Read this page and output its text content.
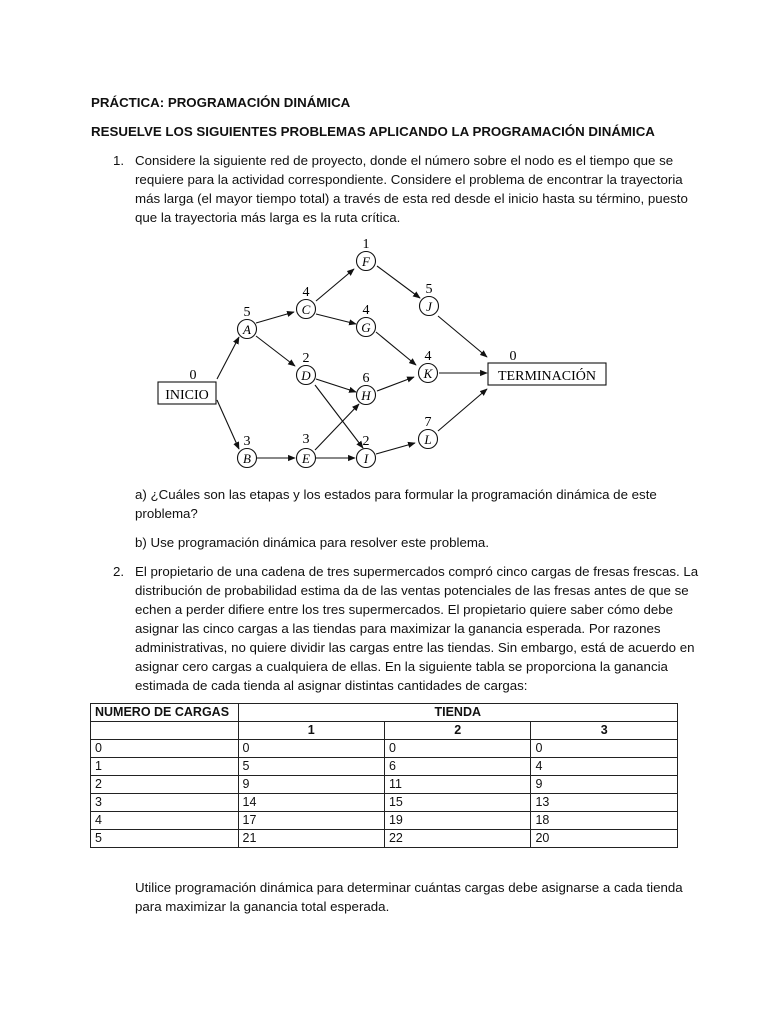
PRÁCTICA: PROGRAMACIÓN DINÁMICA
RESUELVE LOS SIGUIENTES PROBLEMAS APLICANDO LA PROGRAMACIÓN DINÁMICA
1. Considere la siguiente red de proyecto, donde el número sobre el nodo es el tiempo que se
requiere para la actividad correspondiente. Considere el problema de encontrar la trayectoria
más larga (el mayor tiempo total) a través de esta red desde el inicio hasta su término, puesto
que la trayectoria más larga es la ruta crítica.
INICIO
0	TERMINACIÓN
0
A
5
B
3
C
4
D
2
E
3
F
1
G
4
H
6
I
2
J
5
K
4
L
7
a) ¿Cuáles son las etapas y los estados para formular la programación dinámica de este
problema?
b) Use programación dinámica para resolver este problema.
2. El propietario de una cadena de tres supermercados compró cinco cargas de fresas frescas. La
distribución de probabilidad estima da de las ventas potenciales de las fresas antes de que se
echen a perder difiere entre los tres supermercados. El propietario quiere saber cómo debe
asignar las cinco cargas a las tiendas para maximizar la ganancia esperada. Por razones
administrativas, no quiere dividir las cargas entre las tiendas. Sin embargo, está de acuerdo en
asignar cero cargas a cualquiera de ellas. En la siguiente tabla se proporciona la ganancia
estimada de cada tienda al asignar distintas cantidades de cargas:
NUMERO DE CARGAS	TIENDA		
	1	2	3
0	0	0	0
1	5	6	4
2	9	11	9
3	14	15	13
4	17	19	18
5	21	22	20
Utilice programación dinámica para determinar cuántas cargas debe asignarse a cada tienda
para maximizar la ganancia total esperada.
